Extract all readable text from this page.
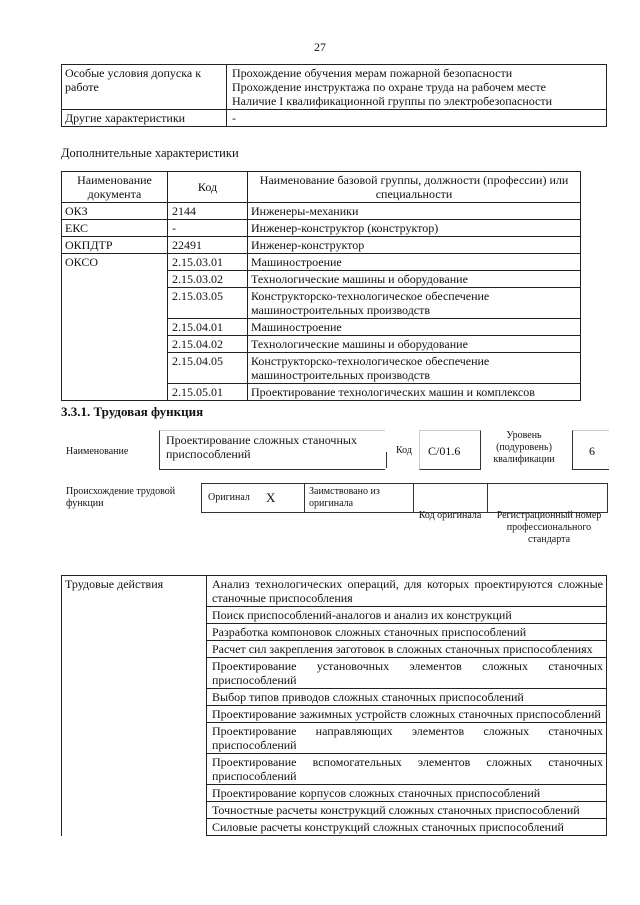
27
Особые условия допуска к работе	Прохождение обучения мерам пожарной безопасности
Прохождение инструктажа по охране труда на рабочем месте
Наличие I квалификационной группы по электробезопасности

Другие характеристики	-
Дополнительные характеристики
Наименование документа	Код	Наименование базовой группы, должности (профессии) или специальности
ОКЗ	2144	Инженеры-механики
ЕКС	-	Инженер-конструктор (конструктор)
ОКПДТР	22491	Инженер-конструктор
ОКСО	2.15.03.01	Машиностроение
	2.15.03.02	Технологические машины и оборудование
	2.15.03.05	Конструкторско-технологическое обеспечение машиностроительных производств
	2.15.04.01	Машиностроение
	2.15.04.02	Технологические машины и оборудование
	2.15.04.05	Конструкторско-технологическое обеспечение машиностроительных производств
	2.15.05.01	Проектирование технологических машин и комплексов
3.3.1. Трудовая функция
Наименование
Проектирование сложных станочных приспособлений	Код C/01.6
Уровень (подуровень) квалификации
6
Происхождение трудовой функции
Оригинал X	Заимствовано из оригинала
Код оригинала	Регистрационный номер профессионального стандарта
Трудовые действия	Анализ технологических операций, для которых проектируются сложные станочные приспособления
Поиск приспособлений-аналогов и анализ их конструкций
Разработка компоновок сложных станочных приспособлений
Расчет сил закрепления заготовок в сложных станочных приспособлениях
Проектирование установочных элементов сложных станочных приспособлений
Выбор типов приводов сложных станочных приспособлений
Проектирование зажимных устройств сложных станочных приспособлений
Проектирование направляющих элементов сложных станочных приспособлений
Проектирование вспомогательных элементов сложных станочных приспособлений
Проектирование корпусов сложных станочных приспособлений
Точностные расчеты конструкций сложных станочных приспособлений
Силовые расчеты конструкций сложных станочных приспособлений
